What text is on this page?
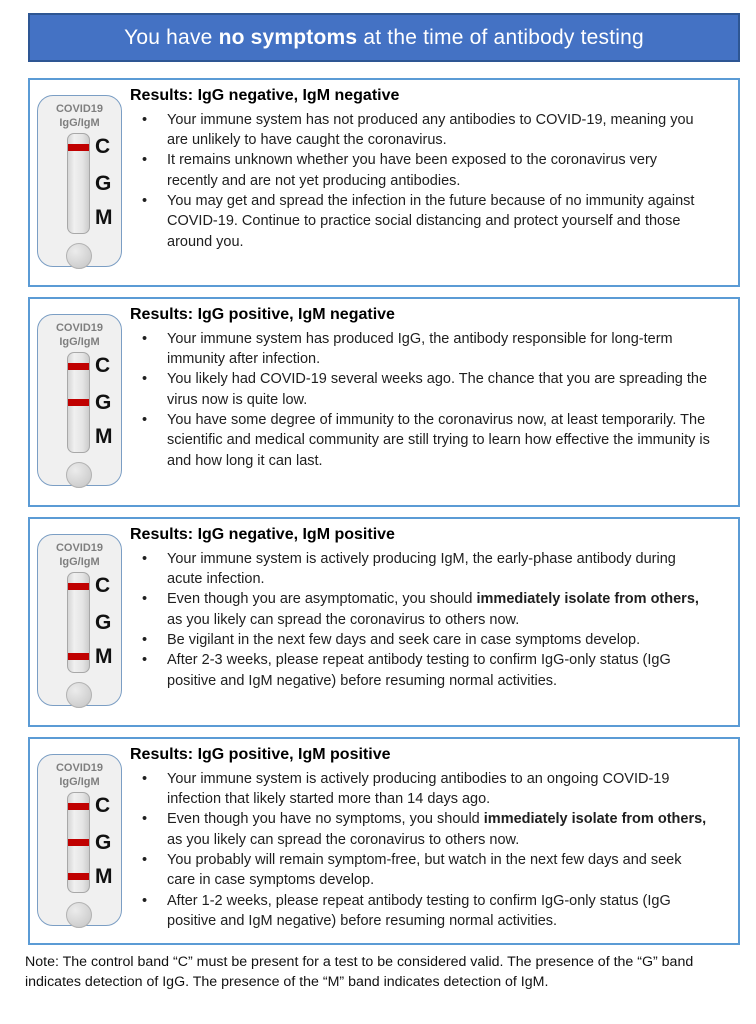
You have no symptoms at the time of antibody testing
COVID19
IgG/IgM
C
G
M
Results: IgG negative, IgM negative
• Your immune system has not produced any antibodies to COVID-19, meaning you are unlikely to have caught the coronavirus.
• It remains unknown whether you have been exposed to the coronavirus very recently and are not yet producing antibodies.
• You may get and spread the infection in the future because of no immunity against COVID-19. Continue to practice social distancing and protect yourself and those around you.
COVID19
IgG/IgM
C
G
M
Results: IgG positive, IgM negative
• Your immune system has produced IgG, the antibody responsible for long-term immunity after infection.
• You likely had COVID-19 several weeks ago. The chance that you are spreading the virus now is quite low.
• You have some degree of immunity to the coronavirus now, at least temporarily. The scientific and medical community are still trying to learn how effective the immunity is and how long it can last.
COVID19
IgG/IgM
C
G
M
Results: IgG negative, IgM positive
• Your immune system is actively producing IgM, the early-phase antibody during acute infection.
• Even though you are asymptomatic, you should immediately isolate from others, as you likely can spread the coronavirus to others now.
• Be vigilant in the next few days and seek care in case symptoms develop.
• After 2-3 weeks, please repeat antibody testing to confirm IgG-only status (IgG positive and IgM negative) before resuming normal activities.
COVID19
IgG/IgM
C
G
M
Results: IgG positive, IgM positive
• Your immune system is actively producing antibodies to an ongoing COVID-19 infection that likely started more than 14 days ago.
• Even though you have no symptoms, you should immediately isolate from others, as you likely can spread the coronavirus to others now.
• You probably will remain symptom-free, but watch in the next few days and seek care in case symptoms develop.
• After 1-2 weeks, please repeat antibody testing to confirm IgG-only status (IgG positive and IgM negative) before resuming normal activities.
Note: The control band “C” must be present for a test to be considered valid. The presence of the “G” band indicates detection of IgG. The presence of the “M” band indicates detection of IgM.
